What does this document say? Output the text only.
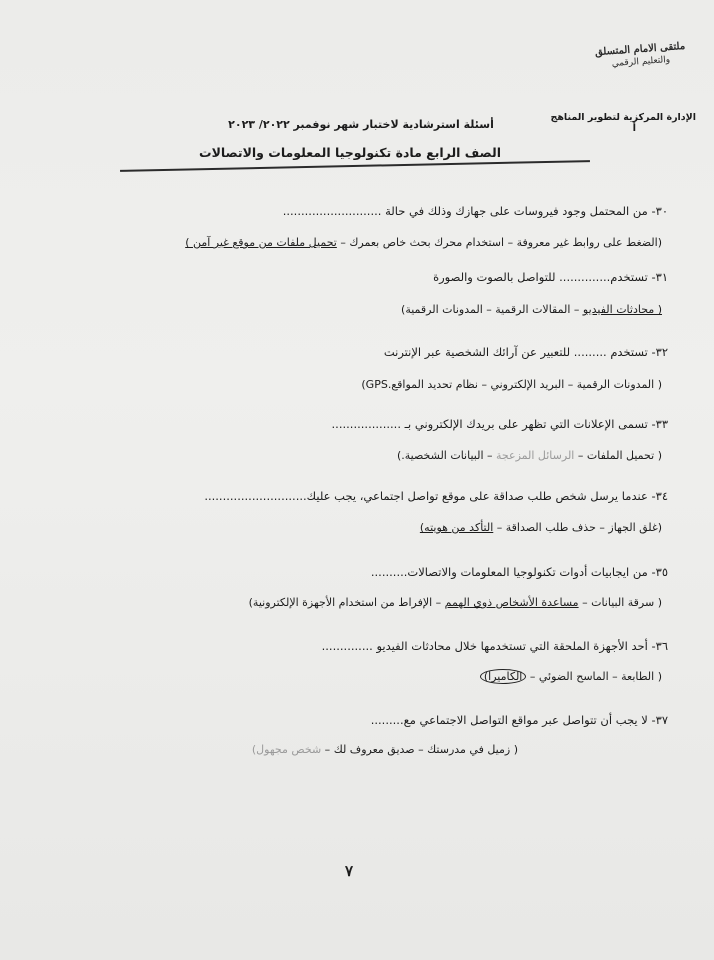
ملتقى الامام المتسلق
والتعليم الرقمي
الإدارة المركزية لتطوير المناهج
أ
أسئلة استرشادية لاختبار شهر نوفمبر ٢٠٢٢/ ٢٠٢٣
الصف الرابع مادة تكنولوجيا المعلومات والاتصالات
٣٠- من المحتمل وجود فيروسات على جهازك وذلك في حالة ...........................
(الضغط على روابط غير معروفة – استخدام محرك بحث خاص بعمرك – تحميل ملفات من موقع غير آمن )
٣١- تستخدم.............. للتواصل بالصوت والصورة
( محادثات الفيديو – المقالات الرقمية – المدونات الرقمية)
٣٢- تستخدم ......... للتعبير عن آرائك الشخصية عبر الإنترنت
( المدونات الرقمية – البريد الإلكتروني – نظام تحديد المواقع.GPS)
٣٣- تسمى الإعلانات التي تظهر على بريدك الإلكتروني بـ ...................
( تحميل الملفات – الرسائل المزعجة – البيانات الشخصية.)
٣٤- عندما يرسل شخص طلب صداقة على موقع تواصل اجتماعي، يجب عليك............................
(غلق الجهاز – حذف طلب الصداقة – التأكد من هويته)
٣٥- من ايجابيات أدوات تكنولوجيا المعلومات والاتصالات..........
( سرقة البيانات – مساعدة الأشخاص ذوي الهمم – الإفراط من استخدام الأجهزة الإلكترونية)
٣٦- أحد الأجهزة الملحقة التي تستخدمها خلال محادثات الفيديو ..............
( الطابعة – الماسح الضوئي – الكاميرا)
٣٧- لا يجب أن تتواصل عبر مواقع التواصل الاجتماعي مع.........
( زميل في مدرستك – صديق معروف لك – شخص مجهول)
٧
